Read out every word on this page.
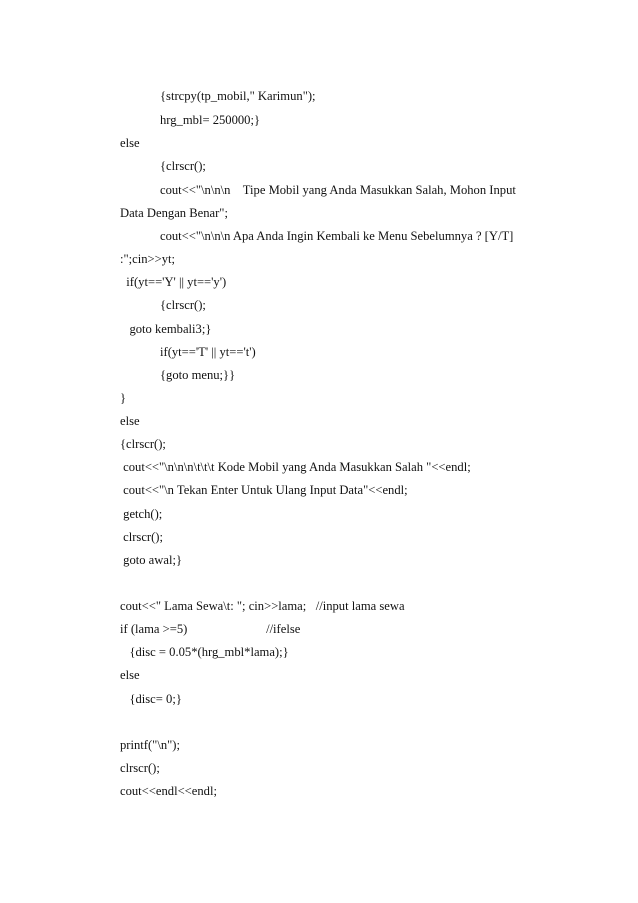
{strcpy(tp_mobil," Karimun");
hrg_mbl= 250000;}
else
{clrscr();
cout<<"\n\n\n    Tipe Mobil yang Anda Masukkan Salah, Mohon Input
Data Dengan Benar";
cout<<"\n\n\n Apa Anda Ingin Kembali ke Menu Sebelumnya ? [Y/T]
:";cin>>yt;
if(yt=='Y' || yt=='y')
{clrscr();
goto kembali3;}
if(yt=='T' || yt=='t')
{goto menu;}}
}
else
{clrscr();
cout<<"\n\n\n\t\t\t Kode Mobil yang Anda Masukkan Salah "<<endl;
cout<<"\n Tekan Enter Untuk Ulang Input Data"<<endl;
getch();
clrscr();
goto awal;}
cout<<" Lama Sewa\t: "; cin>>lama;   //input lama sewa
if (lama >=5)                         //ifelse
{disc = 0.05*(hrg_mbl*lama);}
else
{disc= 0;}
printf("\n");
clrscr();
cout<<endl<<endl;
